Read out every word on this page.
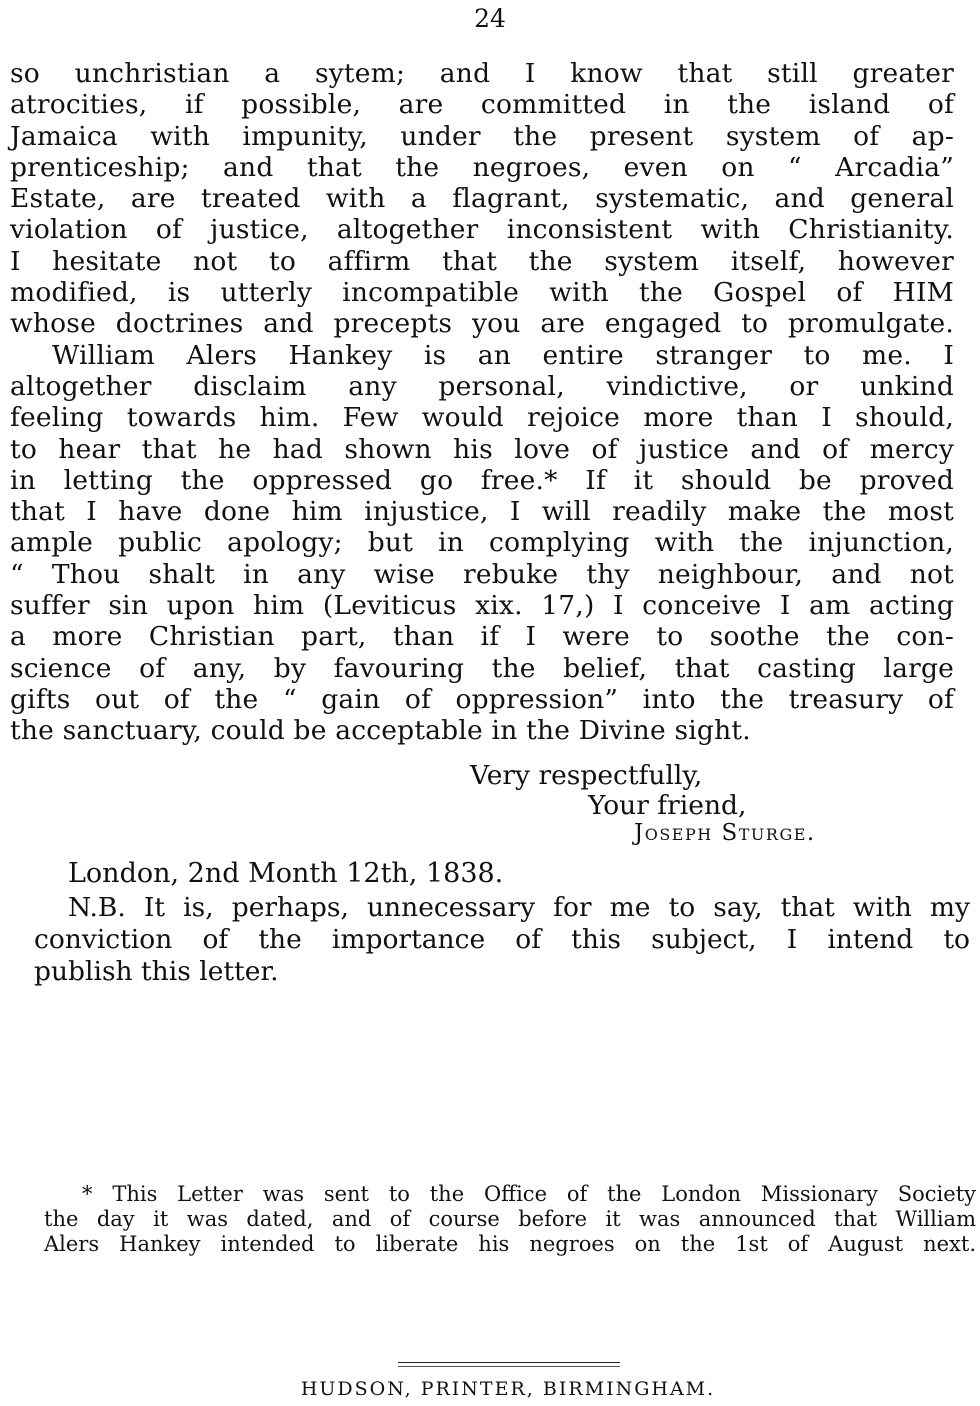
24
so unchristian a sytem; and I know that still greater
atrocities, if possible, are committed in the island of
Jamaica with impunity, under the present system of ap-
prenticeship; and that the negroes, even on “ Arcadia”
Estate, are treated with a flagrant, systematic, and general
violation of justice, altogether inconsistent with Christianity.
I hesitate not to affirm that the system itself, however
modified, is utterly incompatible with the Gospel of HIM
whose doctrines and precepts you are engaged to promulgate.
William Alers Hankey is an entire stranger to me. I
altogether disclaim any personal, vindictive, or unkind
feeling towards him. Few would rejoice more than I should,
to hear that he had shown his love of justice and of mercy
in letting the oppressed go free.* If it should be proved
that I have done him injustice, I will readily make the most
ample public apology; but in complying with the injunction,
“ Thou shalt in any wise rebuke thy neighbour, and not
suffer sin upon him (Leviticus xix. 17,) I conceive I am acting
a more Christian part, than if I were to soothe the con-
science of any, by favouring the belief, that casting large
gifts out of the “ gain of oppression” into the treasury of
the sanctuary, could be acceptable in the Divine sight.
Very respectfully,
Your friend,
Joseph Sturge.
London, 2nd Month 12th, 1838.
N.B. It is, perhaps, unnecessary for me to say, that with my
conviction of the importance of this subject, I intend to
publish this letter.
* This Letter was sent to the Office of the London Missionary Society
the day it was dated, and of course before it was announced that William
Alers Hankey intended to liberate his negroes on the 1st of August next.
HUDSON, PRINTER, BIRMINGHAM.
